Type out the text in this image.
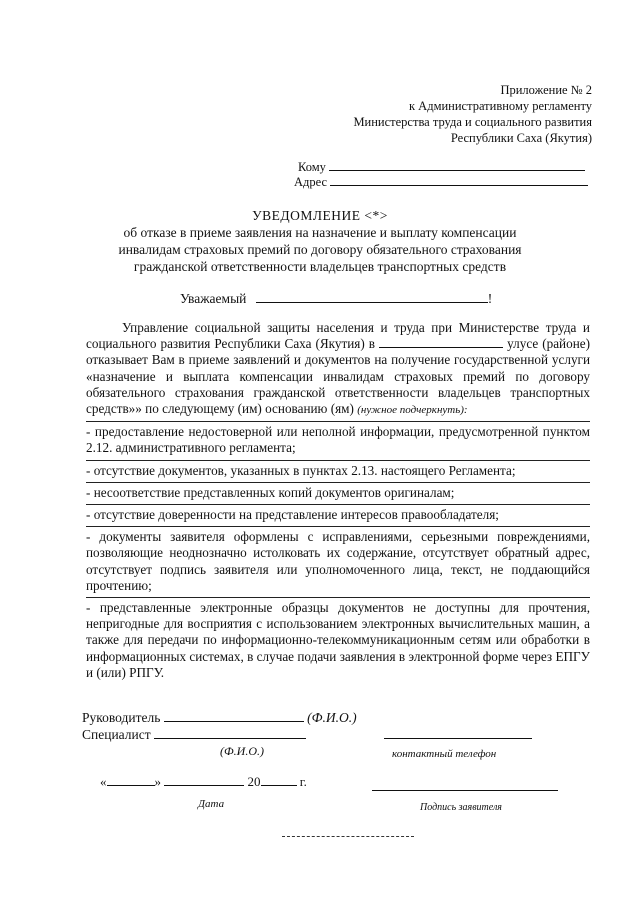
Приложение № 2
к Административному регламенту
Министерства труда и социального развития
Республики Саха (Якутия)
Кому
Адрес
УВЕДОМЛЕНИЕ <*>
об отказе в приеме заявления на назначение и выплату компенсации
инвалидам страховых премий по договору обязательного страхования
гражданской ответственности владельцев транспортных средств
Уважаемый	!

Управление социальной защиты населения и труда при Министерстве труда и социального развития Республики Саха (Якутия) в	улусе (районе) отказывает Вам в приеме заявлений и документов на получение государственной услуги «назначение и выплата компенсации инвалидам страховых премий по договору обязательного страхования гражданской ответственности владельцев транспортных средств»» по следующему (им) основанию (ям) (нужное подчеркнуть):

- предоставление недостоверной или неполной информации, предусмотренной пунктом 2.12. административного регламента;

- отсутствие документов, указанных в пунктах 2.13. настоящего Регламента;

- несоответствие представленных копий документов оригиналам;

- отсутствие доверенности на представление интересов правообладателя;

- документы заявителя оформлены с исправлениями, серьезными повреждениями, позволяющие неоднозначно истолковать их содержание, отсутствует обратный адрес, отсутствует подпись заявителя или уполномоченного лица, текст, не поддающийся прочтению;

- представленные электронные образцы документов не доступны для прочтения, непригодные для восприятия с использованием электронных вычислительных машин, а также для передачи по информационно-телекоммуникационным сетям или обработки в информационных системах, в случае подачи заявления в электронной форме через ЕПГУ и (или) РПГУ.

Руководитель	(Ф.И.О.)
Специалист
(Ф.И.О.)	контактный телефон
«	»	20	г.
Дата	Подпись заявителя
